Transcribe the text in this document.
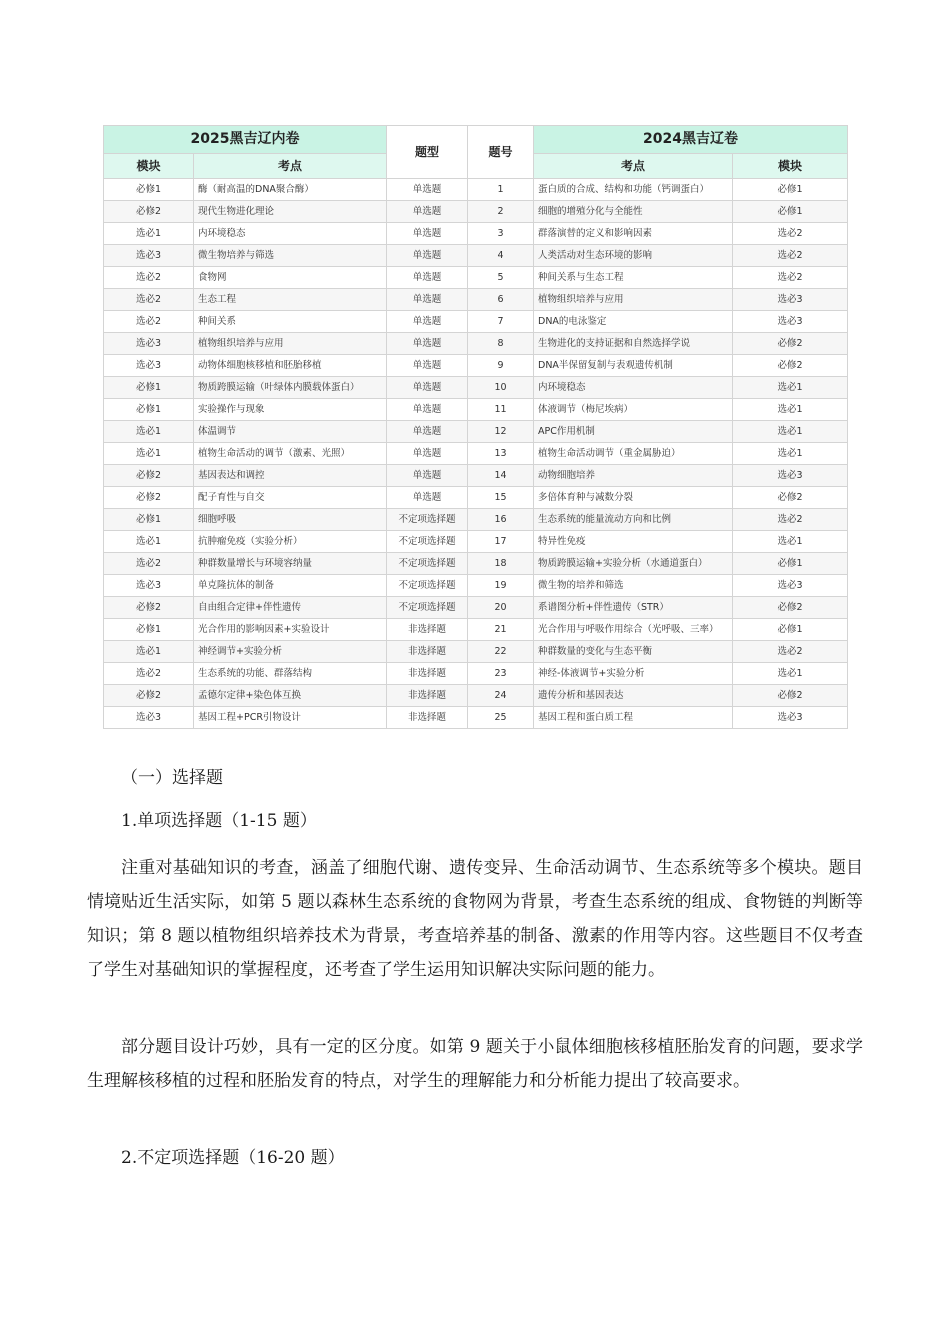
2025黑吉辽内卷		题型	题号	2024黑吉辽卷	
模块	考点			考点	模块
必修1	酶（耐高温的DNA聚合酶）	单选题	1	蛋白质的合成、结构和功能（钙调蛋白）	必修1
必修2	现代生物进化理论	单选题	2	细胞的增殖分化与全能性	必修1
选必1	内环境稳态	单选题	3	群落演替的定义和影响因素	选必2
选必3	微生物培养与筛选	单选题	4	人类活动对生态环境的影响	选必2
选必2	食物网	单选题	5	种间关系与生态工程	选必2
选必2	生态工程	单选题	6	植物组织培养与应用	选必3
选必2	种间关系	单选题	7	DNA的电泳鉴定	选必3
选必3	植物组织培养与应用	单选题	8	生物进化的支持证据和自然选择学说	必修2
选必3	动物体细胞核移植和胚胎移植	单选题	9	DNA半保留复制与表观遗传机制	必修2
必修1	物质跨膜运输（叶绿体内膜载体蛋白）	单选题	10	内环境稳态	选必1
必修1	实验操作与现象	单选题	11	体液调节（梅尼埃病）	选必1
选必1	体温调节	单选题	12	APC作用机制	选必1
选必1	植物生命活动的调节（激素、光照）	单选题	13	植物生命活动调节（重金属胁迫）	选必1
必修2	基因表达和调控	单选题	14	动物细胞培养	选必3
必修2	配子育性与自交	单选题	15	多倍体育种与减数分裂	必修2
必修1	细胞呼吸	不定项选择题	16	生态系统的能量流动方向和比例	选必2
选必1	抗肿瘤免疫（实验分析）	不定项选择题	17	特异性免疫	选必1
选必2	种群数量增长与环境容纳量	不定项选择题	18	物质跨膜运输+实验分析（水通道蛋白）	必修1
选必3	单克隆抗体的制备	不定项选择题	19	微生物的培养和筛选	选必3
必修2	自由组合定律+伴性遗传	不定项选择题	20	系谱图分析+伴性遗传（STR）	必修2
必修1	光合作用的影响因素+实验设计	非选择题	21	光合作用与呼吸作用综合（光呼吸、三率）	必修1
选必1	神经调节+实验分析	非选择题	22	种群数量的变化与生态平衡	选必2
选必2	生态系统的功能、群落结构	非选择题	23	神经-体液调节+实验分析	选必1
必修2	孟德尔定律+染色体互换	非选择题	24	遗传分析和基因表达	必修2
选必3	基因工程+PCR引物设计	非选择题	25	基因工程和蛋白质工程	选必3

（一）选择题

1.单项选择题（1-15 题）

注重对基础知识的考查，涵盖了细胞代谢、遗传变异、生命活动调节、生态系统等多个模块。题目情境贴近生活实际，如第 5 题以森林生态系统的食物网为背景，考查生态系统的组成、食物链的判断等知识；第 8 题以植物组织培养技术为背景，考查培养基的制备、激素的作用等内容。这些题目不仅考查了学生对基础知识的掌握程度，还考查了学生运用知识解决实际问题的能力。

部分题目设计巧妙，具有一定的区分度。如第 9 题关于小鼠体细胞核移植胚胎发育的问题，要求学生理解核移植的过程和胚胎发育的特点，对学生的理解能力和分析能力提出了较高要求。

2.不定项选择题（16-20 题）
